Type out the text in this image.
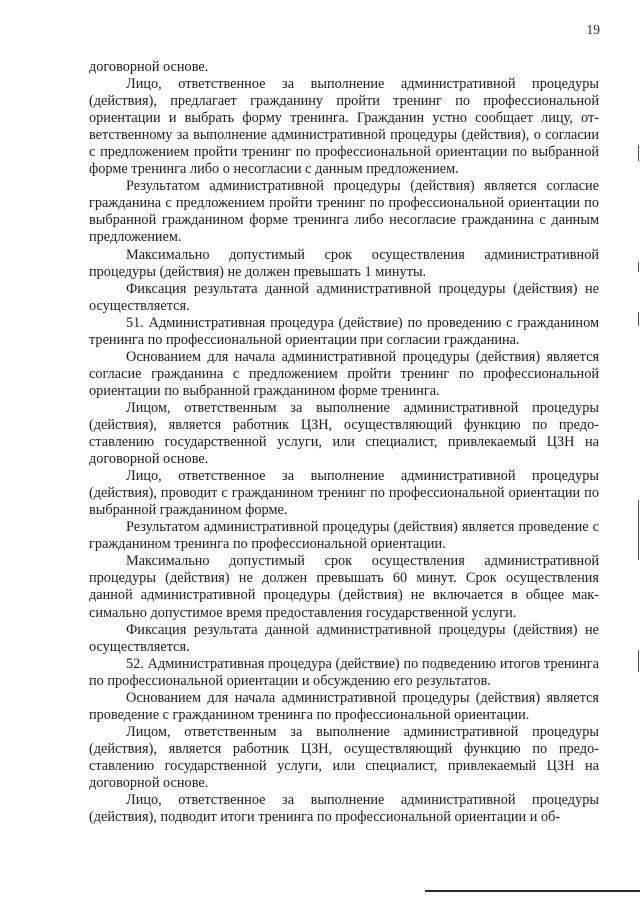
19

договорной основе.

Лицо, ответственное за выполнение административной процедуры (действия), предлагает гражданину пройти тренинг по профессиональной ориентации и выбрать форму тренинга. Гражданин устно сообщает лицу, ответственному за выполнение административной процедуры (действия), о согласии с предложением пройти тренинг по профессиональной ориентации по выбранной форме тренинга либо о несогласии с данным предложением.

Результатом административной процедуры (действия) является согласие гражданина с предложением пройти тренинг по профессиональной ориентации по выбранной гражданином форме тренинга либо несогласие гражданина с данным предложением.

Максимально допустимый срок осуществления административной процедуры (действия) не должен превышать 1 минуты.

Фиксация результата данной административной процедуры (действия) не осуществляется.

51. Административная процедура (действие) по проведению с гражданином тренинга по профессиональной ориентации при согласии гражданина.

Основанием для начала административной процедуры (действия) является согласие гражданина с предложением пройти тренинг по профессиональной ориентации по выбранной гражданином форме тренинга.

Лицом, ответственным за выполнение административной процедуры (действия), является работник ЦЗН, осуществляющий функцию по предоставлению государственной услуги, или специалист, привлекаемый ЦЗН на договорной основе.

Лицо, ответственное за выполнение административной процедуры (действия), проводит с гражданином тренинг по профессиональной ориентации по выбранной гражданином форме.

Результатом административной процедуры (действия) является проведение с гражданином тренинга по профессиональной ориентации.

Максимально допустимый срок осуществления административной процедуры (действия) не должен превышать 60 минут. Срок осуществления данной административной процедуры (действия) не включается в общее максимально допустимое время предоставления государственной услуги.

Фиксация результата данной административной процедуры (действия) не осуществляется.

52. Административная процедура (действие) по подведению итогов тренинга по профессиональной ориентации и обсуждению его результатов.

Основанием для начала административной процедуры (действия) является проведение с гражданином тренинга по профессиональной ориентации.

Лицом, ответственным за выполнение административной процедуры (действия), является работник ЦЗН, осуществляющий функцию по предоставлению государственной услуги, или специалист, привлекаемый ЦЗН на договорной основе.

Лицо, ответственное за выполнение административной процедуры (действия), подводит итоги тренинга по профессиональной ориентации и об-
